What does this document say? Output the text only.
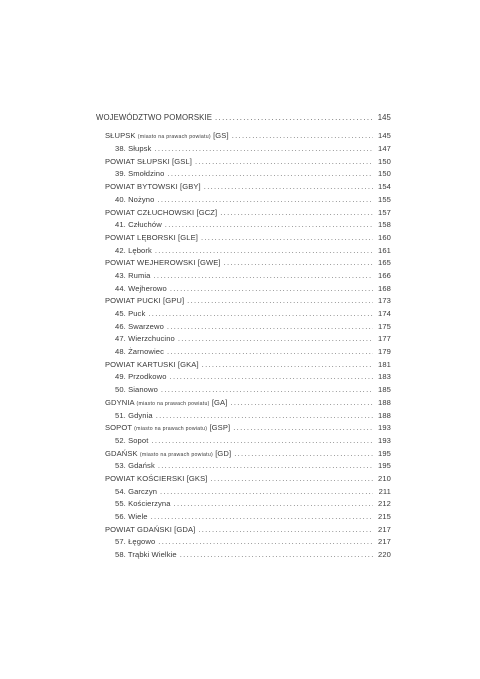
WOJEWÓDZTWO POMORSKIE . . .	145
SŁUPSK (miasto na prawach powiatu) [GS] . . .	145
38. Słupsk . . .	147
POWIAT SŁUPSKI [GSL] . . .	150
39. Smołdzino . . .	150
POWIAT BYTOWSKI [GBY] . . .	154
40. Nożyno . . .	155
POWIAT CZŁUCHOWSKI [GCZ] . . .	157
41. Człuchów . . .	158
POWIAT LĘBORSKI [GLE] . . .	160
42. Lębork . . .	161
POWIAT WEJHEROWSKI [GWE] . . .	165
43. Rumia . . .	166
44. Wejherowo . . .	168
POWIAT PUCKI [GPU] . . .	173
45. Puck . . .	174
46. Swarzewo . . .	175
47. Wierzchucino . . .	177
48. Żarnowiec . . .	179
POWIAT KARTUSKI [GKA] . . .	181
49. Przodkowo . . .	183
50. Sianowo . . .	185
GDYNIA (miasto na prawach powiatu) [GA] . . .	188
51. Gdynia . . .	188
SOPOT (miasto na prawach powiatu) [GSP] . . .	193
52. Sopot . . .	193
GDAŃSK (miasto na prawach powiatu) [GD] . . .	195
53. Gdańsk . . .	195
POWIAT KOŚCIERSKI [GKS] . . .	210
54. Garczyn . . .	211
55. Kościerzyna . . .	212
56. Wiele . . .	215
POWIAT GDAŃSKI [GDA] . . .	217
57. Łęgowo . . .	217
58. Trąbki Wielkie . . .	220
